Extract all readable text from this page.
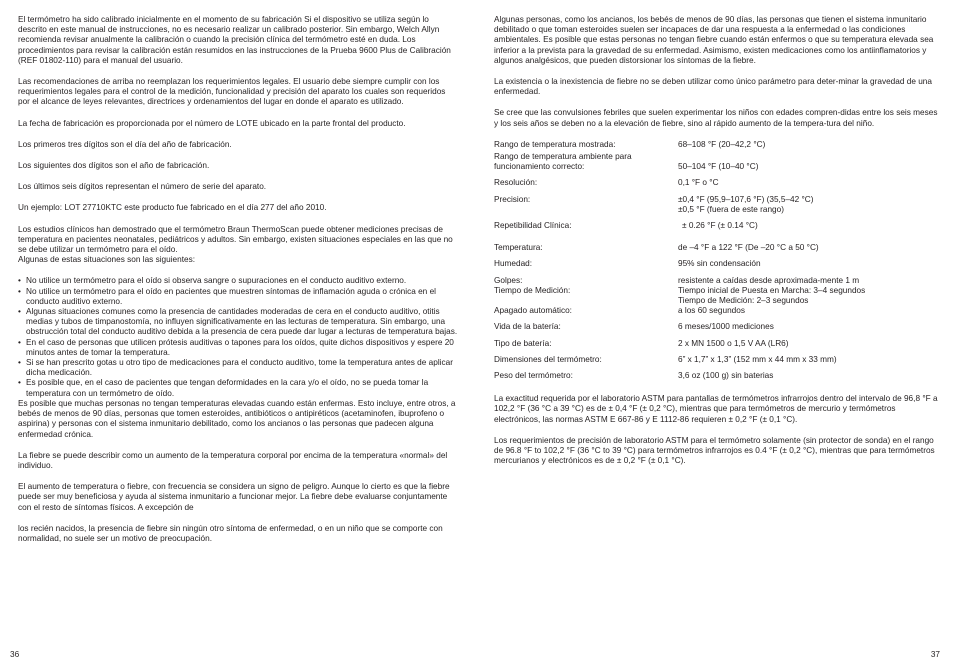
El termómetro ha sido calibrado inicialmente en el momento de su fabricación Si el dispositivo se utiliza según lo descrito en este manual de instrucciones, no es necesario realizar un calibrado posterior. Sin embargo, Welch Allyn recomienda revisar anualmente la calibración o cuando la precisión clínica del termómetro esté en duda. Los procedimientos para revisar la calibración están resumidos en las instrucciones de la Prueba 9600 Plus de Calibración (REF 01802-110) para el manual del usuario.

Las recomendaciones de arriba no reemplazan los requerimientos legales. El usuario debe siempre cumplir con los requerimientos legales para el control de la medición, funcionalidad y precisión del aparato los cuales son requeridos por el alcance de leyes relevantes, directrices y ordenamientos del lugar en donde el aparato es utilizado.

La fecha de fabricación es proporcionada por el número de LOTE ubicado en la parte frontal del producto.

Los primeros tres dígitos son el día del año de fabricación.

Los siguientes dos dígitos son el año de fabricación.

Los últimos seis dígitos representan el número de serie del aparato.

Un ejemplo: LOT 27710KTC este producto fue fabricado en el día 277 del año 2010.

Los estudios clínicos han demostrado que el termómetro Braun ThermoScan puede obtener mediciones precisas de temperatura en pacientes neonatales, pediátricos y adultos. Sin embargo, existen situaciones especiales en las que no se debe utilizar un termómetro para el oído.

Algunas de estas situaciones son las siguientes:

• No utilice un termómetro para el oído si observa sangre o supuraciones en el conducto auditivo externo.
• No utilice un termómetro para el oído en pacientes que muestren síntomas de inflamación aguda o crónica en el conducto auditivo externo.
• Algunas situaciones comunes como la presencia de cantidades moderadas de cera en el conducto auditivo, otitis medias y tubos de timpanostomía, no influyen significativamente en las lecturas de temperatura. Sin embargo, una obstrucción total del conducto auditivo debida a la presencia de cera puede dar lugar a lecturas de temperatura bajas.
• En el caso de personas que utilicen prótesis auditivas o tapones para los oídos, quite dichos dispositivos y espere 20 minutos antes de tomar la temperatura.
• Si se han prescrito gotas u otro tipo de medicaciones para el conducto auditivo, tome la temperatura antes de aplicar dicha medicación.
• Es posible que, en el caso de pacientes que tengan deformidades en la cara y/o el oído, no se pueda tomar la temperatura con un termómetro de oído.

Es posible que muchas personas no tengan temperaturas elevadas cuando están enfermas. Esto incluye, entre otros, a bebés de menos de 90 días, personas que tomen esteroides, antibióticos o antipiréticos (acetaminofen, ibuprofeno o aspirina) y personas con el sistema inmunitario debilitado, como los ancianos o las personas que padecen alguna enfermedad crónica.

La fiebre se puede describir como un aumento de la temperatura corporal por encima de la temperatura «normal» del individuo.

El aumento de temperatura o fiebre, con frecuencia se considera un signo de peligro. Aunque lo cierto es que la fiebre puede ser muy beneficiosa y ayuda al sistema inmunitario a funcionar mejor. La fiebre debe evaluarse conjuntamente con el resto de síntomas físicos. A excepción de

los recién nacidos, la presencia de fiebre sin ningún otro síntoma de enfermedad, o en un niño que se comporte con normalidad, no suele ser un motivo de preocupación.

Algunas personas, como los ancianos, los bebés de menos de 90 días, las personas que tienen el sistema inmunitario debilitado o que toman esteroides suelen ser incapaces de dar una respuesta a la enfermedad o las condiciones ambientales. Es posible que estas personas no tengan fiebre cuando están enfermos o que su temperatura elevada sea inferior a la prevista para la gravedad de su enfermedad. Asimismo, existen medicaciones como los antiinflamatorios y algunos analgésicos, que pueden distorsionar los síntomas de la fiebre.

La existencia o la inexistencia de fiebre no se deben utilizar como único parámetro para deter-minar la gravedad de una enfermedad.

Se cree que las convulsiones febriles que suelen experimentar los niños con edades compren-didas entre los seis meses y los seis años se deben no a la elevación de fiebre, sino al rápido aumento de la tempera-tura del niño.

Rango de temperatura mostrada:	68–108 °F (20–42,2 °C)
Rango de temperatura ambiente para funcionamiento correcto:	50–104 °F (10–40 °C)
Resolución:	0,1 °F o °C
Precision:	±0,4 °F (95,9–107,6 °F) (35,5–42 °C)
±0,5 °F (fuera de este rango)
Repetibilidad Clínica:	± 0.26 °F (± 0.14 °C)
Temperatura:	de –4 °F a 122 °F (De –20 °C a 50 °C)
Humedad:	95% sin condensación
Golpes:	resistente a caídas desde aproximada-mente 1 m
Tiempo de Medición:	Tiempo inicial de Puesta en Marcha: 3–4 segundos
Tiempo de Medición: 2–3 segundos
Apagado automático:	a los 60 segundos
Vida de la batería:	6 meses/1000 mediciones
Tipo de batería:	2 x MN 1500 o 1,5 V AA (LR6)
Dimensiones del termómetro:	6” x 1,7” x 1,3” (152 mm x 44 mm x 33 mm)
Peso del termómetro:	3,6 oz (100 g) sin baterias

La exactitud requerida por el laboratorio ASTM para pantallas de termómetros infrarrojos dentro del intervalo de 96,8 °F a 102,2 °F (36 °C a 39 °C) es de ± 0,4 °F (± 0,2 °C), mientras que para termómetros de mercurio y termómetros electrónicos, las normas ASTM E 667-86 y E 1112-86 requieren ± 0,2 °F (± 0,1 °C).

Los requerimientos de precisión de laboratorio ASTM para el termómetro solamente (sin protector de sonda) en el rango de 96.8 °F to 102,2 °F (36 °C to 39 °C) para termómetros infrarrojos es 0.4 °F (± 0,2 °C), mientras que para termómetros mercurianos y electrónicos es de ± 0,2 °F (± 0,1 °C).

36	37
